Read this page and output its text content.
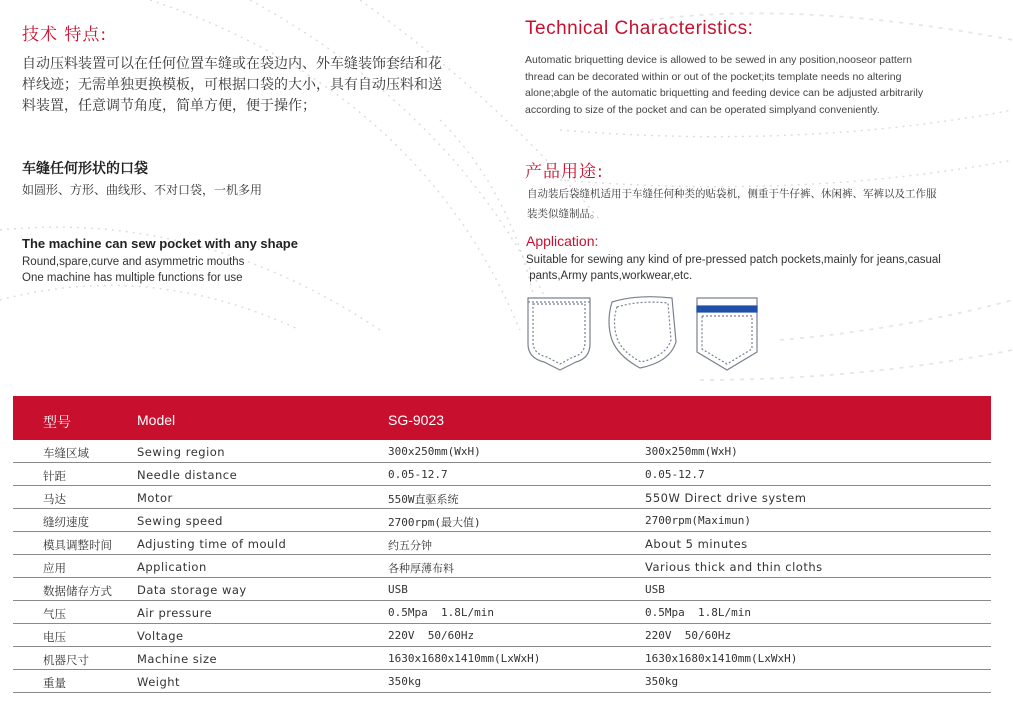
技术 特点:
自动压料装置可以在任何位置车缝或在袋边内、外车缝装饰套结和花
样线迹；无需单独更换模板，可根据口袋的大小，具有自动压料和送
料装置，任意调节角度，简单方便，便于操作；
车缝任何形状的口袋
如圆形、方形、曲线形、不对口袋，一机多用
The machine can sew pocket with any shape
Round,spare,curve and asymmetric mouths
One machine has multiple functions for use
Technical Characteristics:
Automatic briquetting device is allowed to be sewed in any position,nooseor pattern
thread can be decorated within or out of the pocket;its template needs no altering
alone;abgle of the automatic briquetting and feeding device can be adjusted arbitrarily
according to size of the pocket and can be operated simplyand conveniently.
产品用途:
自动装后袋缝机适用于车缝任何种类的贴袋机，侧重于牛仔裤、休闲裤、军裤以及工作服
装类似缝制品。
Application:
Suitable for sewing any kind of pre-pressed patch pockets,mainly for jeans,casual
pants,Army pants,workwear,etc.
型号	Model	SG-9023
车缝区域	Sewing region	300x250mm(WxH)	300x250mm(WxH)
针距	Needle distance	0.05-12.7	0.05-12.7
马达	Motor	550W直驱系统	550W Direct drive system
缝纫速度	Sewing speed	2700rpm(最大值)	2700rpm(Maximun)
模具调整时间 Adjusting time of mould	约五分钟	About 5 minutes
应用	Application	各种厚薄布料	Various thick and thin cloths
数据储存方式 Data storage way	USB	USB
气压	Air pressure	0.5Mpa  1.8L/min	0.5Mpa  1.8L/min
电压	Voltage	220V  50/60Hz	220V  50/60Hz
机器尺寸	Machine size	1630x1680x1410mm(LxWxH)	1630x1680x1410mm(LxWxH)
重量	Weight	350kg	350kg
